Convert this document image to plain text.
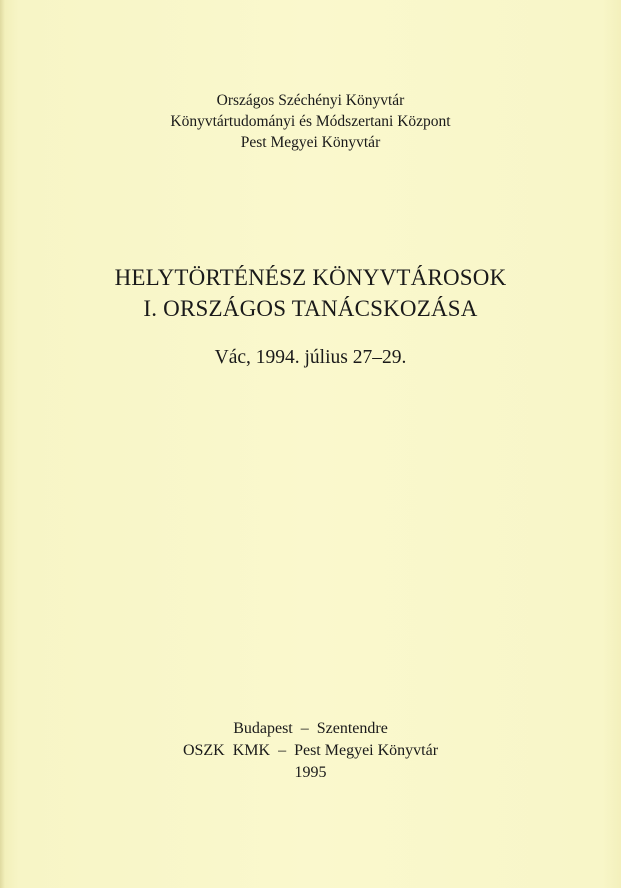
Országos Széchényi Könyvtár
Könyvtártudományi és Módszertani Központ
Pest Megyei Könyvtár
HELYTÖRTÉNÉSZ KÖNYVTÁROSOK
I. ORSZÁGOS TANÁCSKOZÁSA
Vác, 1994. július 27–29.
Budapest  –  Szentendre
OSZK  KMK  –  Pest Megyei Könyvtár
1995
